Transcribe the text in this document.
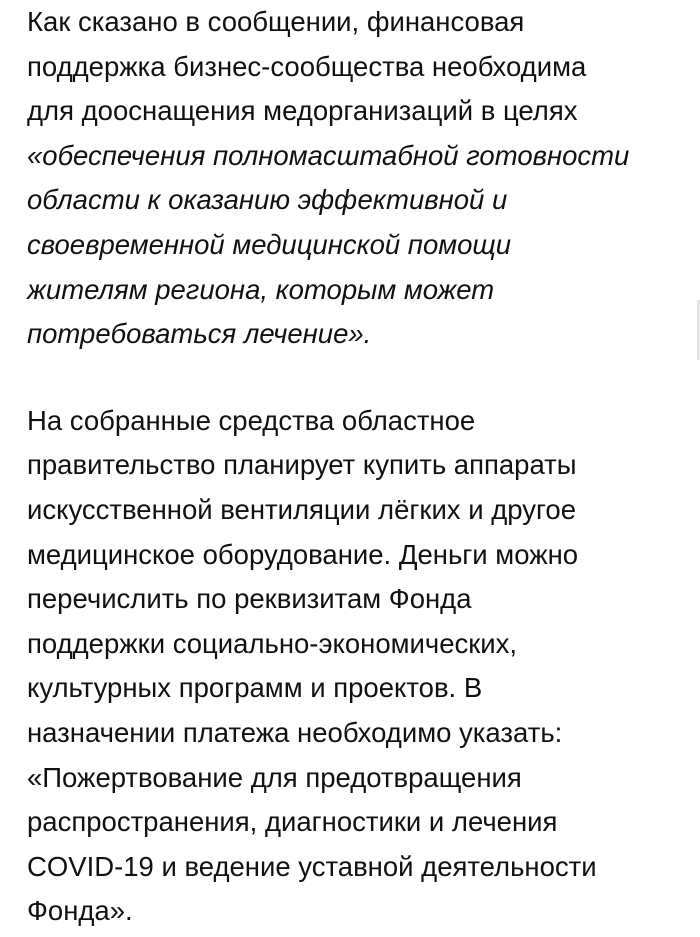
Как сказано в сообщении, финансовая
поддержка бизнес-сообщества необходима
для дооснащения медорганизаций в целях
«обеспечения полномасштабной готовности
области к оказанию эффективной и
своевременной медицинской помощи
жителям региона, которым может
потребоваться лечение».
На собранные средства областное
правительство планирует купить аппараты
искусственной вентиляции лёгких и другое
медицинское оборудование. Деньги можно
перечислить по реквизитам Фонда
поддержки социально-экономических,
культурных программ и проектов. В
назначении платежа необходимо указать:
«Пожертвование для предотвращения
распространения, диагностики и лечения
COVID-19 и ведение уставной деятельности
Фонда».
